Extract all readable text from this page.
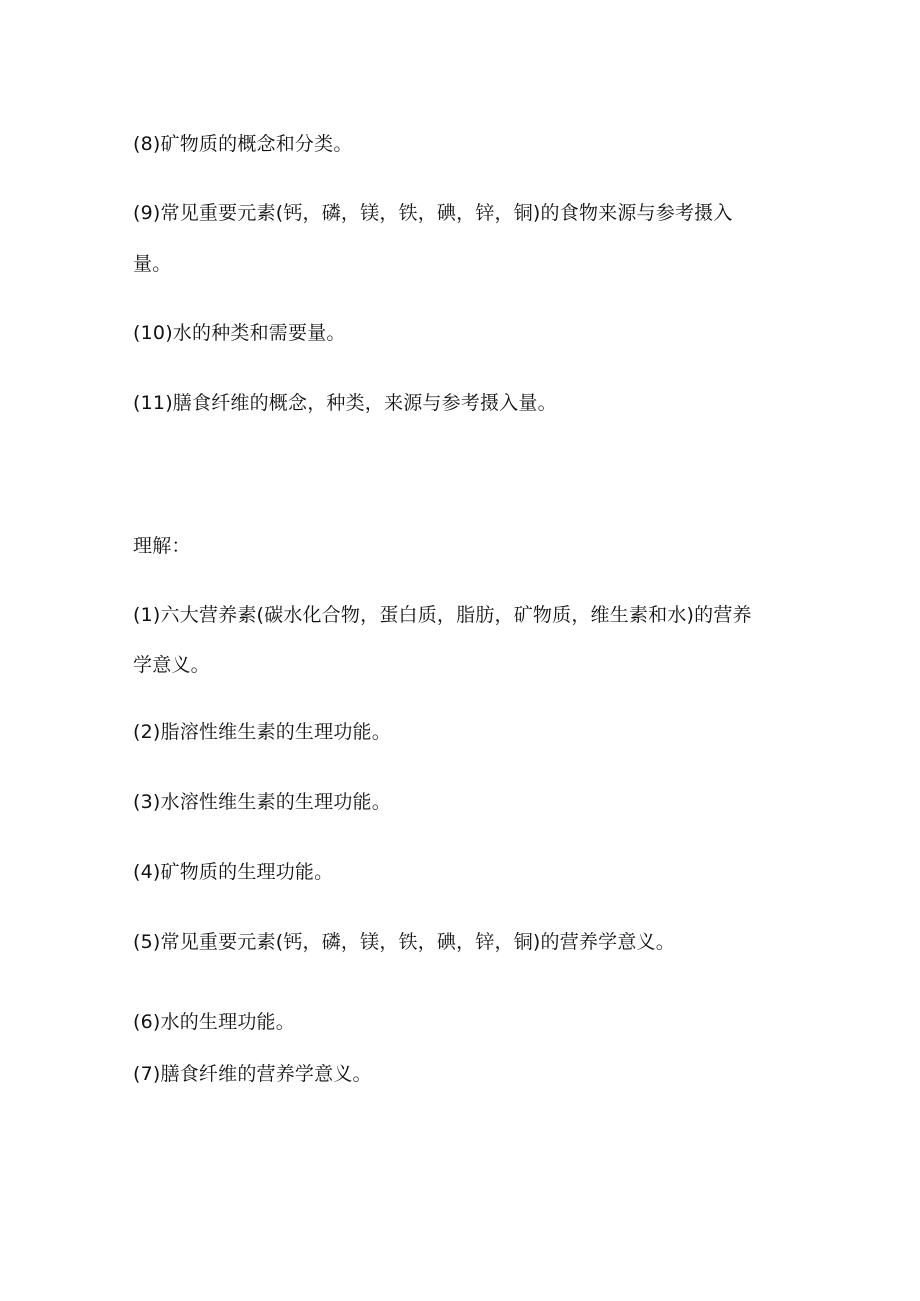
(8)矿物质的概念和分类。
(9)常见重要元素(钙，磷，镁，铁，碘，锌，铜)的食物来源与参考摄入
量。
(10)水的种类和需要量。
(11)膳食纤维的概念，种类，来源与参考摄入量。
理解：
(1)六大营养素(碳水化合物，蛋白质，脂肪，矿物质，维生素和水)的营养
学意义。
(2)脂溶性维生素的生理功能。
(3)水溶性维生素的生理功能。
(4)矿物质的生理功能。
(5)常见重要元素(钙，磷，镁，铁，碘，锌，铜)的营养学意义。
(6)水的生理功能。
(7)膳食纤维的营养学意义。
